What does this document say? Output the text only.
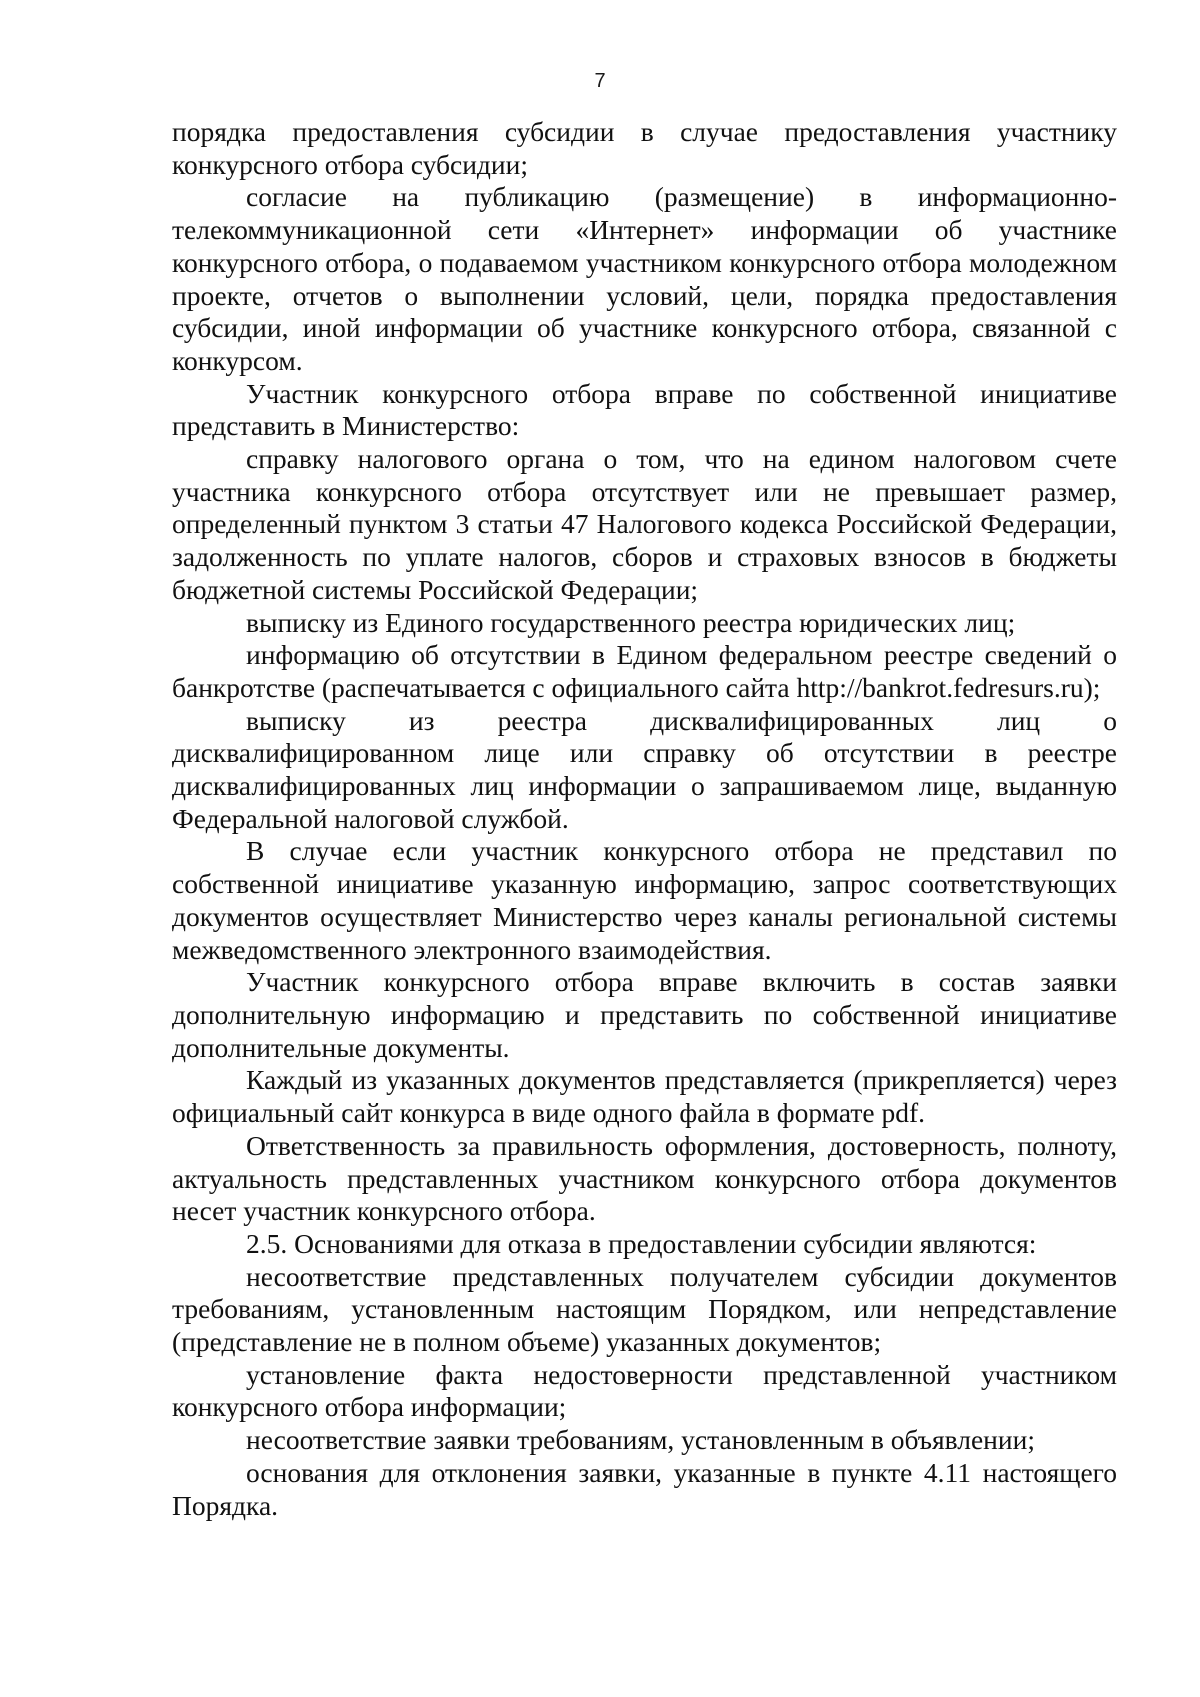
7

порядка предоставления субсидии в случае предоставления участнику конкурсного отбора субсидии;

согласие на публикацию (размещение) в информационно-телекоммуникационной сети «Интернет» информации об участнике конкурсного отбора, о подаваемом участником конкурсного отбора молодежном проекте, отчетов о выполнении условий, цели, порядка предоставления субсидии, иной информации об участнике конкурсного отбора, связанной с конкурсом.

Участник конкурсного отбора вправе по собственной инициативе представить в Министерство:

справку налогового органа о том, что на едином налоговом счете участника конкурсного отбора отсутствует или не превышает размер, определенный пунктом 3 статьи 47 Налогового кодекса Российской Федерации, задолженность по уплате налогов, сборов и страховых взносов в бюджеты бюджетной системы Российской Федерации;

выписку из Единого государственного реестра юридических лиц;

информацию об отсутствии в Едином федеральном реестре сведений о банкротстве (распечатывается с официального сайта http://bankrot.fedresurs.ru);

выписку из реестра дисквалифицированных лиц о дисквалифицированном лице или справку об отсутствии в реестре дисквалифицированных лиц информации о запрашиваемом лице, выданную Федеральной налоговой службой.

В случае если участник конкурсного отбора не представил по собственной инициативе указанную информацию, запрос соответствующих документов осуществляет Министерство через каналы региональной системы межведомственного электронного взаимодействия.

Участник конкурсного отбора вправе включить в состав заявки дополнительную информацию и представить по собственной инициативе дополнительные документы.

Каждый из указанных документов представляется (прикрепляется) через официальный сайт конкурса в виде одного файла в формате pdf.

Ответственность за правильность оформления, достоверность, полноту, актуальность представленных участником конкурсного отбора документов несет участник конкурсного отбора.

2.5. Основаниями для отказа в предоставлении субсидии являются:

несоответствие представленных получателем субсидии документов требованиям, установленным настоящим Порядком, или непредставление (представление не в полном объеме) указанных документов;

установление факта недостоверности представленной участником конкурсного отбора информации;

несоответствие заявки требованиям, установленным в объявлении;

основания для отклонения заявки, указанные в пункте 4.11 настоящего Порядка.
